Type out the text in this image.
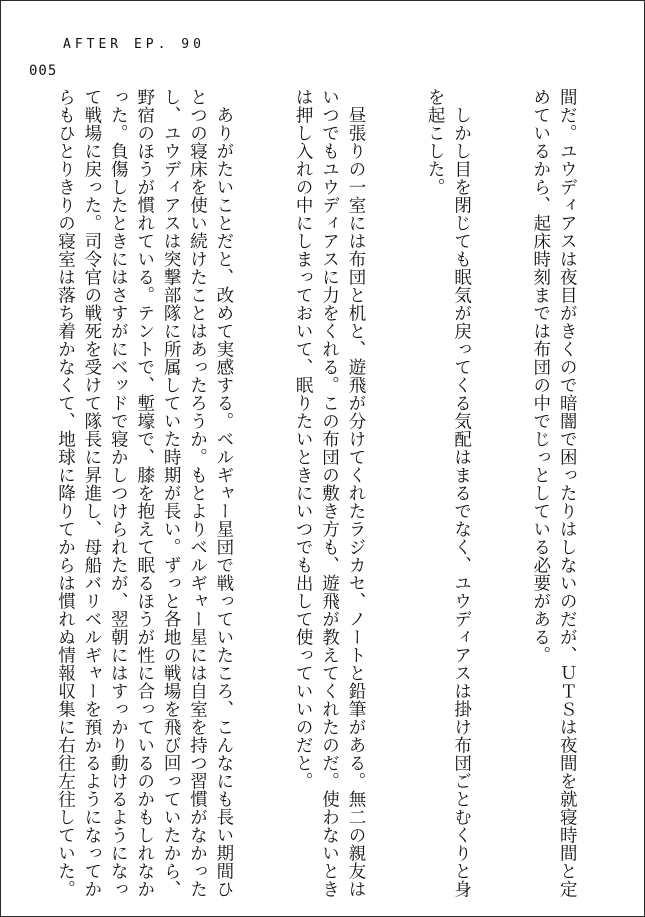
AFTER EP. 90
005

間だ。ユウディアスは夜目がきくので暗闇で困ったりはしないのだが、ＵＴＳは夜間を就寝時間と定めているから、起床時刻までは布団の中でじっとしている必要がある。

しかし目を閉じても眠気が戻ってくる気配はまるでなく、ユウディアスは掛け布団ごとむくりと身を起こした。

昼張りの一室には布団と机と、遊飛が分けてくれたラジカセ、ノートと鉛筆がある。無二の親友はいつでもユウディアスに力をくれる。この布団の敷き方も、遊飛が教えてくれたのだ。使わないときは押し入れの中にしまっておいて、眠りたいときにいつでも出して使っていいのだと。

ありがたいことだと、改めて実感する。ベルギャー星団で戦っていたころ、こんなにも長い期間ひとつの寝床を使い続けたことはあったろうか。もとよりベルギャー星には自室を持つ習慣がなかったし、ユウディアスは突撃部隊に所属していた時期が長い。ずっと各地の戦場を飛び回っていたから、野宿のほうが慣れている。テントで、塹壕で、膝を抱えて眠るほうが性に合っているのかもしれなかった。負傷したときにはさすがにベッドで寝かしつけられたが、翌朝にはすっかり動けるようになって戦場に戻った。司令官の戦死を受けて隊長に昇進し、母船バリベルギャーを預かるようになってからもひとりきりの寝室は落ち着かなくて、地球に降りてからは慣れぬ情報収集に右往左往していた。
